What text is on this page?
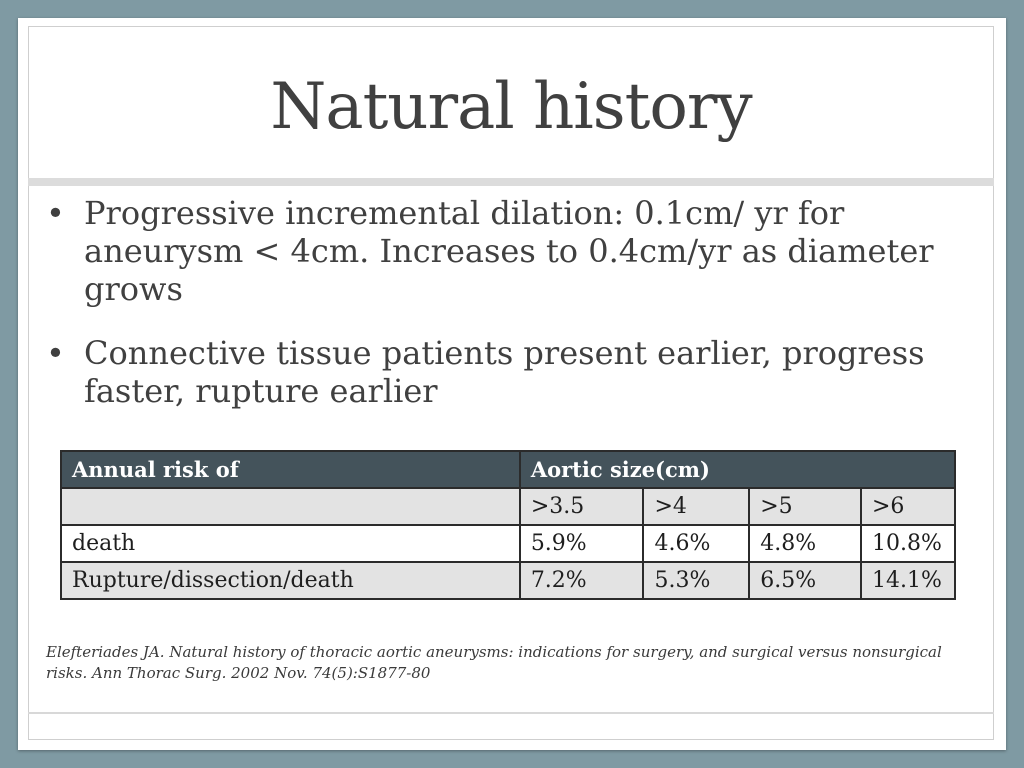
Natural history
• Progressive incremental dilation: 0.1cm/ yr for aneurysm < 4cm. Increases to 0.4cm/yr as diameter grows
• Connective tissue patients present earlier, progress faster, rupture earlier
Annual risk of	Aortic size(cm)			
	>3.5	>4	>5	>6
death	5.9%	4.6%	4.8%	10.8%
Rupture/dissection/death	7.2%	5.3%	6.5%	14.1%
Elefteriades JA. Natural history of thoracic aortic aneurysms: indications for surgery, and surgical versus nonsurgical risks. Ann Thorac Surg. 2002 Nov. 74(5):S1877-80
